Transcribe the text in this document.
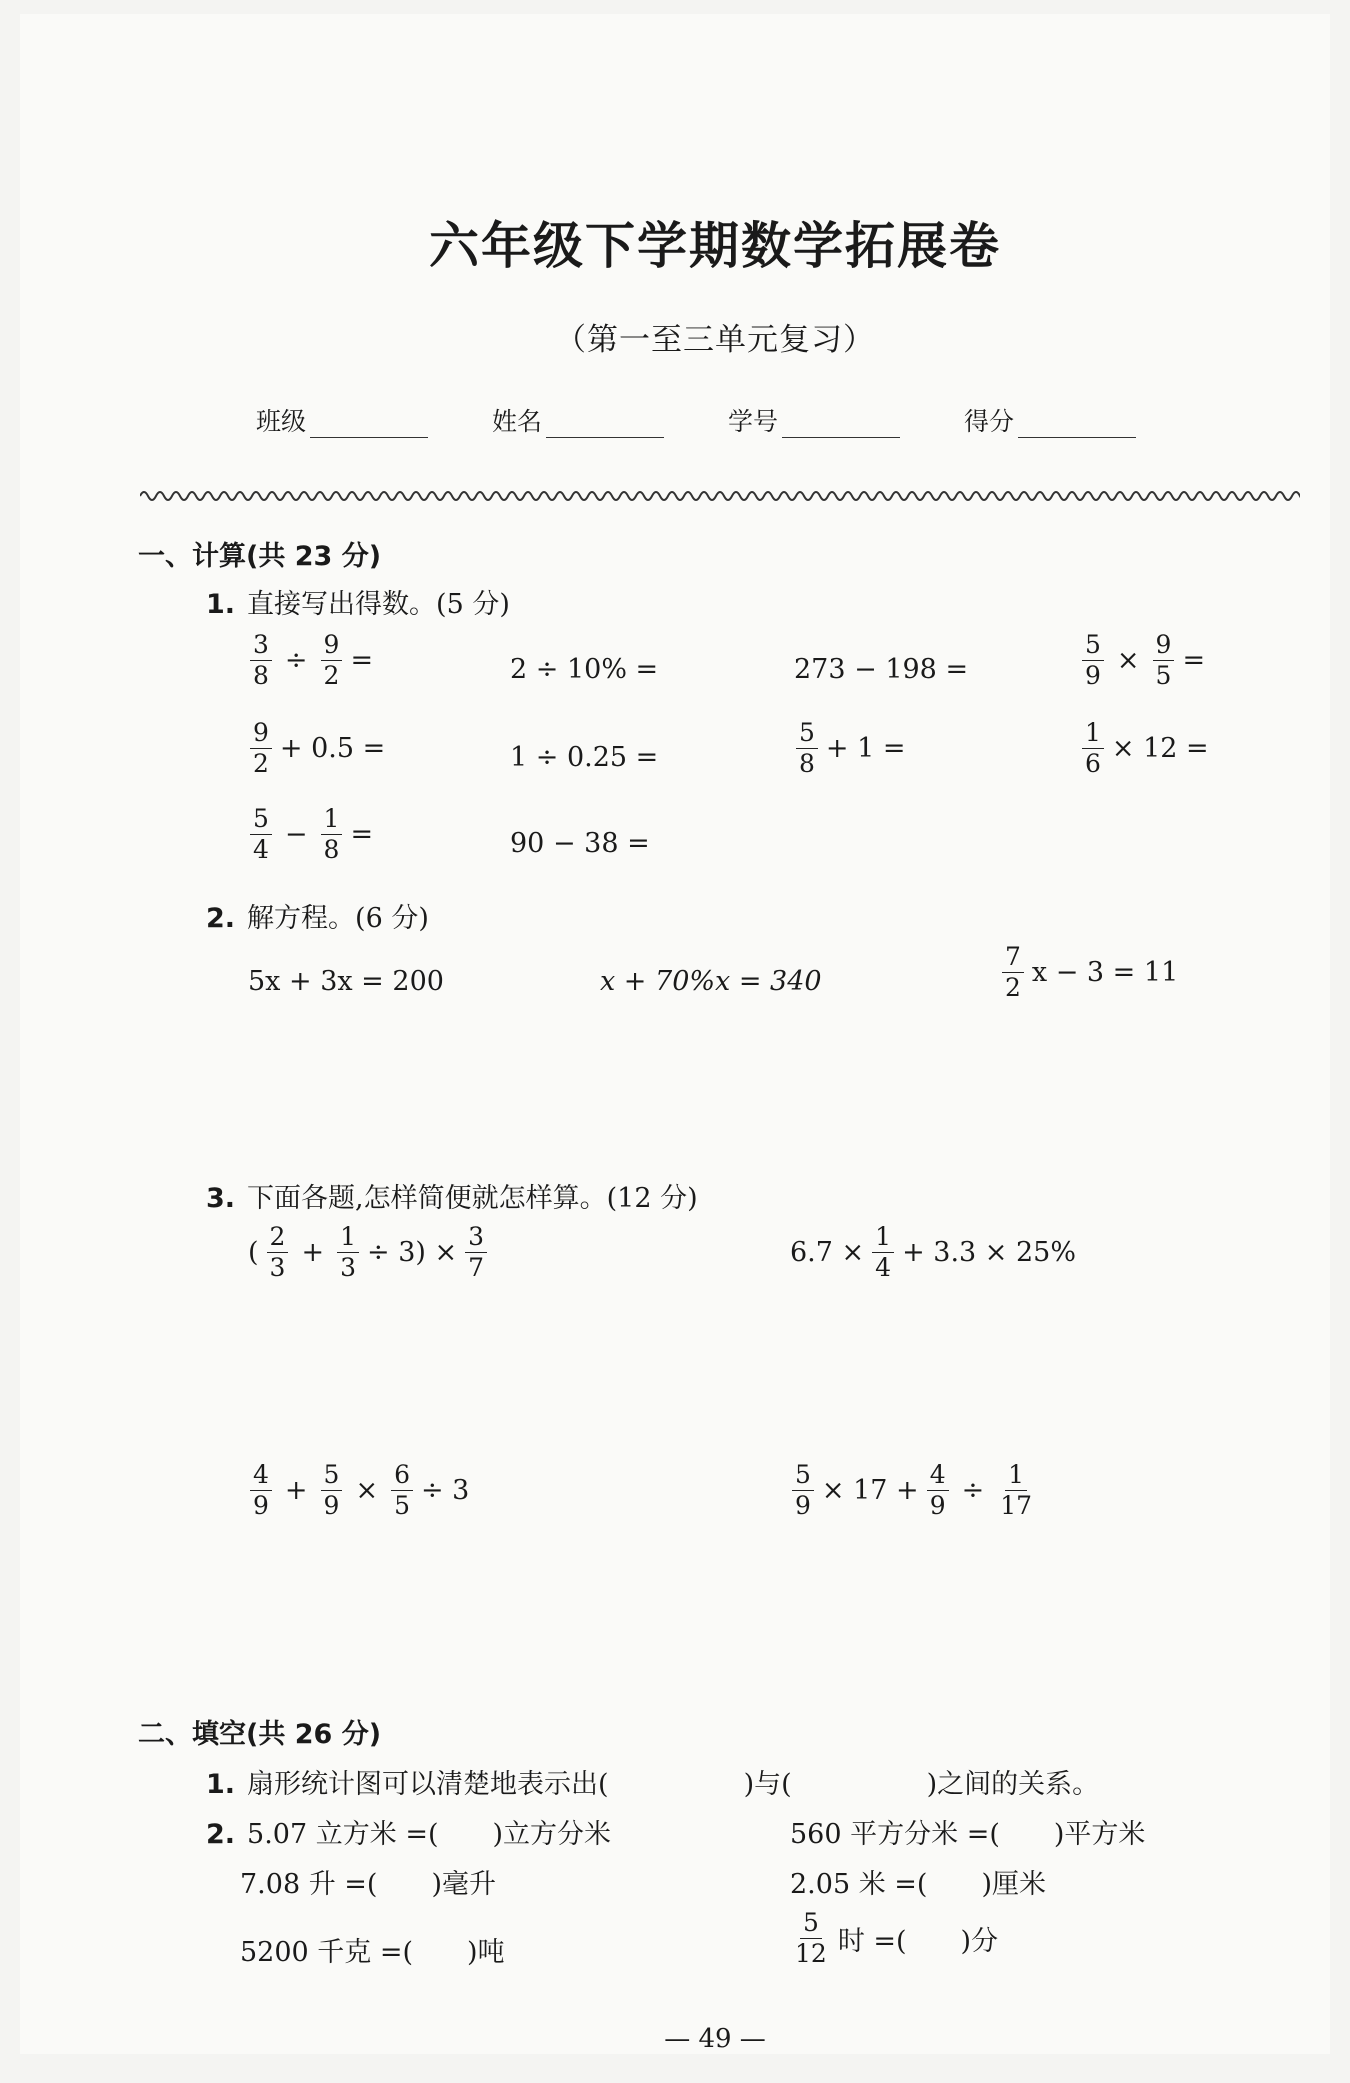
六年级下学期数学拓展卷
（第一至三单元复习）
班级	姓名	学号	得分
一、计算(共 23 分)
1. 直接写出得数。(5 分)
$\frac{3}{8} \div \frac{9}{2}$ =	2 ÷ 10% =	273 − 198 =	$\frac{5}{9} \times \frac{9}{5}$ =
$\frac{9}{2} + 0.5$ =	1 ÷ 0.25 =	$\frac{5}{8} + 1$ =	$\frac{1}{6} \times 12$ =
$\frac{5}{4} - \frac{1}{8}$ =	90 − 38 =
2. 解方程。(6 分)
5x + 3x = 200	x + 70%x = 340	$\frac{7}{2}$ x − 3 = 11
3. 下面各题,怎样简便就怎样算。(12 分)
( $\frac{2}{3} + \frac{1}{3} \div 3) \times \frac{3}{7}$	$6.7 \times \frac{1}{4} + 3.3 \times 25\%$
$\frac{4}{9} + \frac{5}{9} \times \frac{6}{5} \div 3$	$\frac{5}{9} \times 17 + \frac{4}{9} \div \frac{1}{17}$
二、填空(共 26 分)
1. 扇形统计图可以清楚地表示出(　　　　　)与(　　　　　)之间的关系。
2. 5.07 立方米 =(　　)立方分米	560 平方分米 =(　　)平方米
7.08 升 =(　　)毫升	2.05 米 =(　　)厘米
5200 千克 =(　　)吨	$\frac{5}{12}$ 时 =(　　)分
— 49 —
